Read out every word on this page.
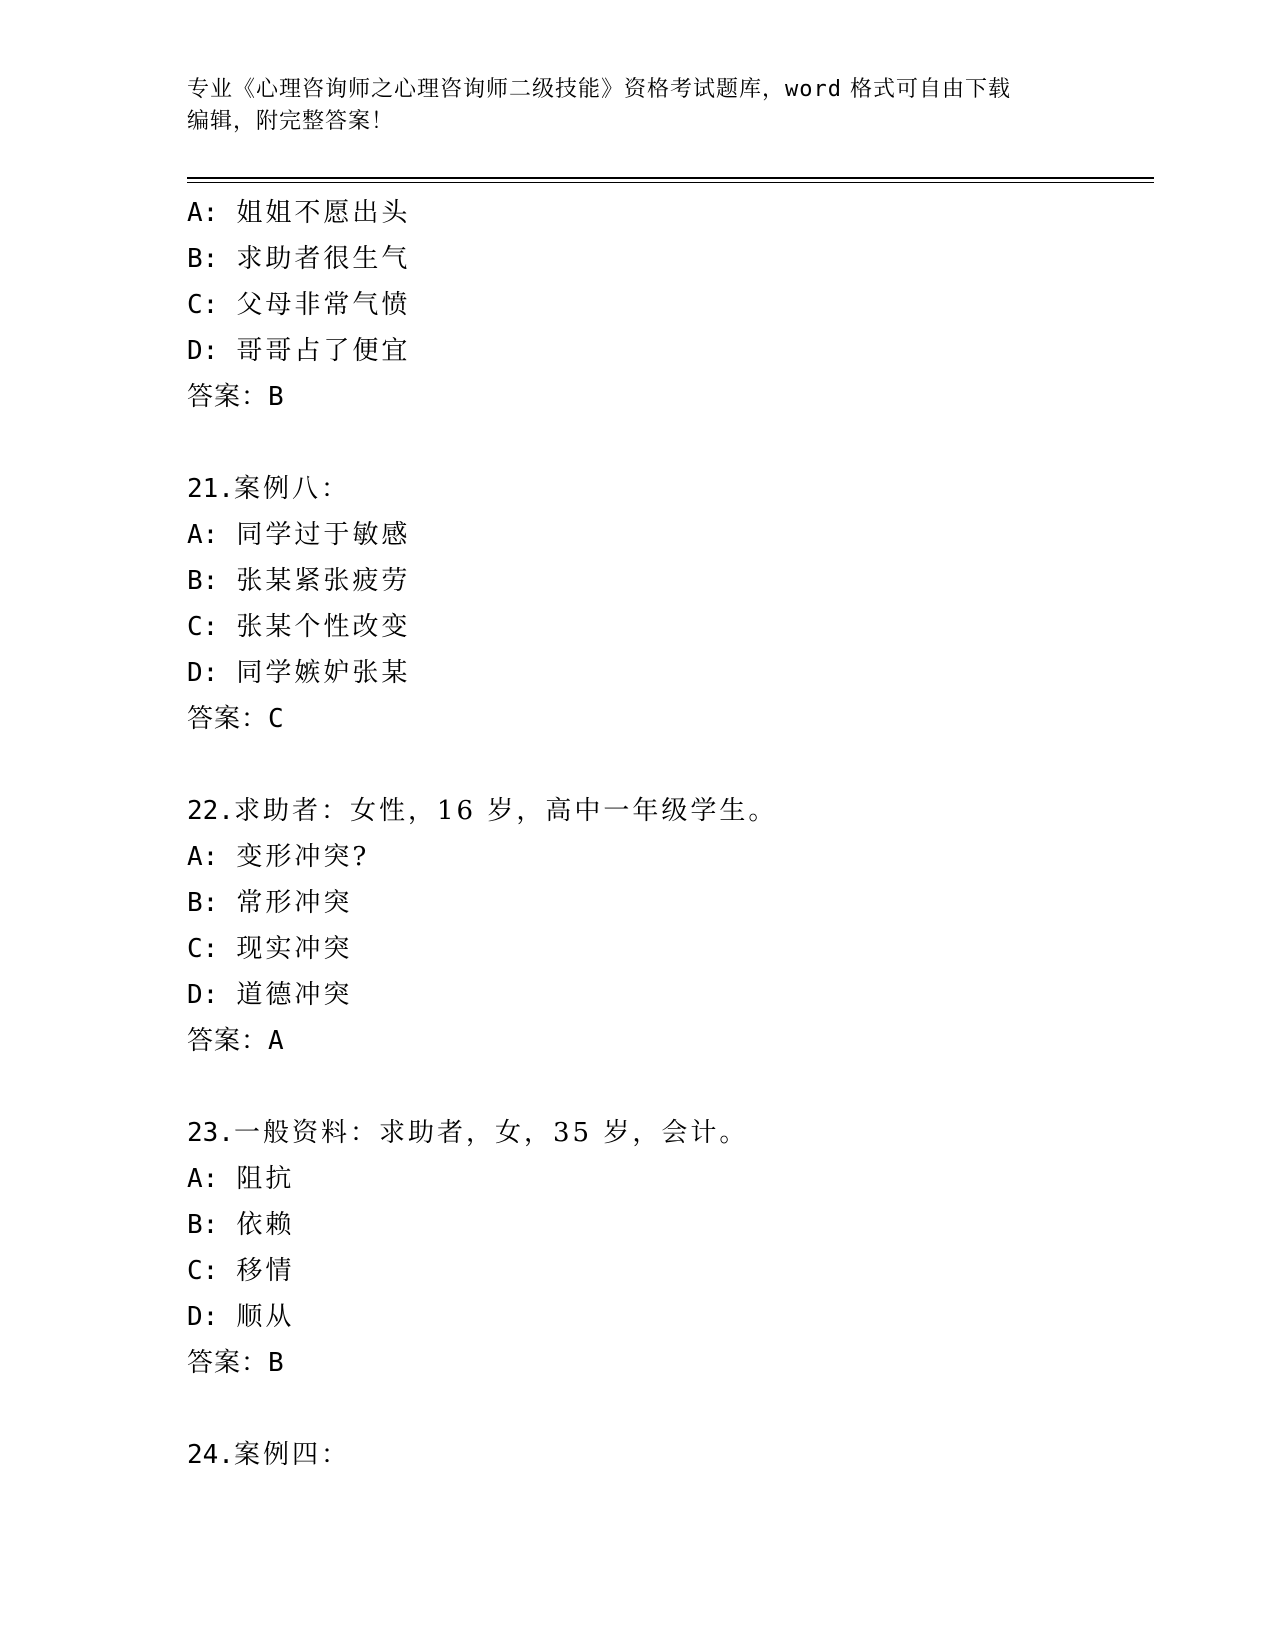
专业《心理咨询师之心理咨询师二级技能》资格考试题库，word 格式可自由下载
编辑，附完整答案！
A: 姐姐不愿出头
B: 求助者很生气
C: 父母非常气愤
D: 哥哥占了便宜
答案：B
21.案例八：
A: 同学过于敏感
B: 张某紧张疲劳
C: 张某个性改变
D: 同学嫉妒张某
答案：C
22.求助者：女性，16 岁，高中一年级学生。
A: 变形冲突?
B: 常形冲突
C: 现实冲突
D: 道德冲突
答案：A
23.一般资料：求助者，女，35 岁，会计。
A: 阻抗
B: 依赖
C: 移情
D: 顺从
答案：B
24.案例四：
